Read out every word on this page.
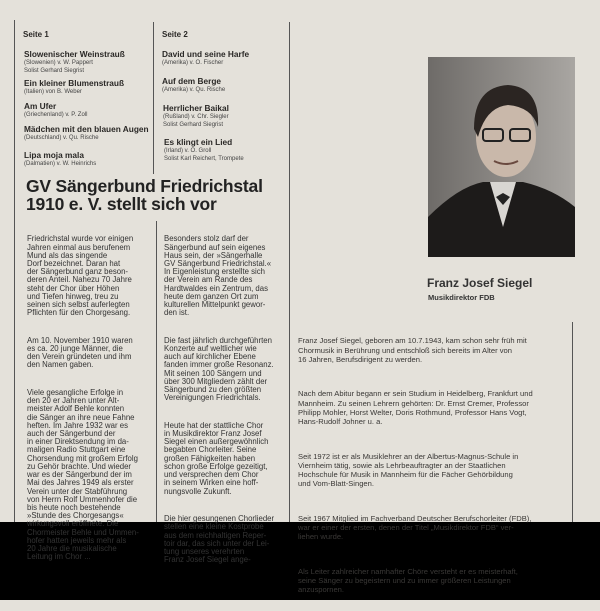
Seite 1
Slowenischer Weinstrauß
(Slowenien) v. W. Pappert
Solist Gerhard Siegrist
Ein kleiner Blumenstrauß
(Italien) von B. Weber
Am Ufer
(Griechenland) v. P. Zoll
Mädchen mit den blauen Augen
(Deutschland) v. Qu. Rische
Lipa moja mala
(Dalmatien) v. W. Heinrichs
Seite 2
David und seine Harfe
(Amerika) v. O. Fischer
Auf dem Berge
(Amerika) v. Qu. Rische
Herrlicher Baikal
(Rußland) v. Chr. Siegler
Solist Gerhard Siegrist
Es klingt ein Lied
(Irland) v. O. Groll
Solist Karl Reichert, Trompete
GV Sängerbund Friedrichstal
1910 e. V. stellt sich vor

Friedrichstal wurde vor einigen
Jahren einmal aus berufenem
Mund als das singende
Dorf bezeichnet. Daran hat
der Sängerbund ganz beson-
deren Anteil. Nahezu 70 Jahre
steht der Chor über Höhen
und Tiefen hinweg, treu zu
seinen sich selbst auferlegten
Pflichten für den Chorgesang.

Am 10. November 1910 waren
es ca. 20 junge Männer, die
den Verein gründeten und ihm
den Namen gaben.

Viele gesangliche Erfolge in
den 20 er Jahren unter Alt-
meister Adolf Behle konnten
die Sänger an ihre neue Fahne
heften. Im Jahre 1932 war es
auch der Sängerbund der
in einer Direktsendung im da-
maligen Radio Stuttgart eine
Chorsendung mit großem Erfolg
zu Gehör brachte. Und wieder
war es der Sängerbund der im
Mai des Jahres 1949 als erster
Verein unter der Stabführung
von Herrn Rolf Ummenhofer die
bis heute noch bestehende
»Stunde des Chorgesangs«
wirkungsvoll eröffnete. Die
Chormeister Behle und Ummen-
hofer hatten jeweils mehr als
20 Jahre die musikalische
Leitung im Chor ...

Besonders stolz darf der
Sängerbund auf sein eigenes
Haus sein, der »Sängerhalle
GV Sängerbund Friedrichstal.«
In Eigenleistung erstellte sich
der Verein am Rande des
Hardtwaldes ein Zentrum, das
heute dem ganzen Ort zum
kulturellen Mittelpunkt gewor-
den ist.

Die fast jährlich durchgeführten
Konzerte auf weltlicher wie
auch auf kirchlicher Ebene
fanden immer große Resonanz.
Mit seinen 100 Sängern und
über 300 Mitgliedern zählt der
Sängerbund zu den größten
Vereinigungen Friedrichtals.

Heute hat der stattliche Chor
in Musikdirektor Franz Josef
Siegel einen außergewöhnlich
begabten Chorleiter. Seine
großen Fähigkeiten haben
schon große Erfolge gezeitigt,
und versprechen dem Chor
in seinem Wirken eine hoff-
nungsvolle Zukunft.

Die hier gesungenen Chorlieder
stellen eine kleine Kostprobe
aus dem reichhaltigen Reper-
toir dar, das sich unter der Lei-
tung unseres verehrten
Franz Josef Siegel ange-

Franz Josef Siegel
Musikdirektor FDB

Franz Josef Siegel, geboren am 10.7.1943, kam schon sehr früh mit
Chormusik in Berührung und entschloß sich bereits im Alter von
16 Jahren, Berufsdirigent zu werden.

Nach dem Abitur begann er sein Studium in Heidelberg, Frankfurt und
Mannheim. Zu seinen Lehrern gehörten: Dr. Ernst Cremer, Professor
Philipp Mohler, Horst Welter, Doris Rothmund, Professor Hans Vogt,
Hans-Rudolf Johner u. a.

Seit 1972 ist er als Musiklehrer an der Albertus-Magnus-Schule in
Viernheim tätig, sowie als Lehrbeauftragter an der Staatlichen
Hochschule für Musik in Mannheim für die Fächer Gehörbildung
und Vom-Blatt-Singen.

Seit 1967 Mitglied im Fachverband Deutscher Berufschorleiter (FDB),
war er einer der ersten, denen der Titel „Musikdirektor FDB“ ver-
liehen wurde.

Als Leiter zahlreicher namhafter Chöre versteht er es meisterhaft,
seine Sänger zu begeistern und zu immer größeren Leistungen
anzuspornen.
